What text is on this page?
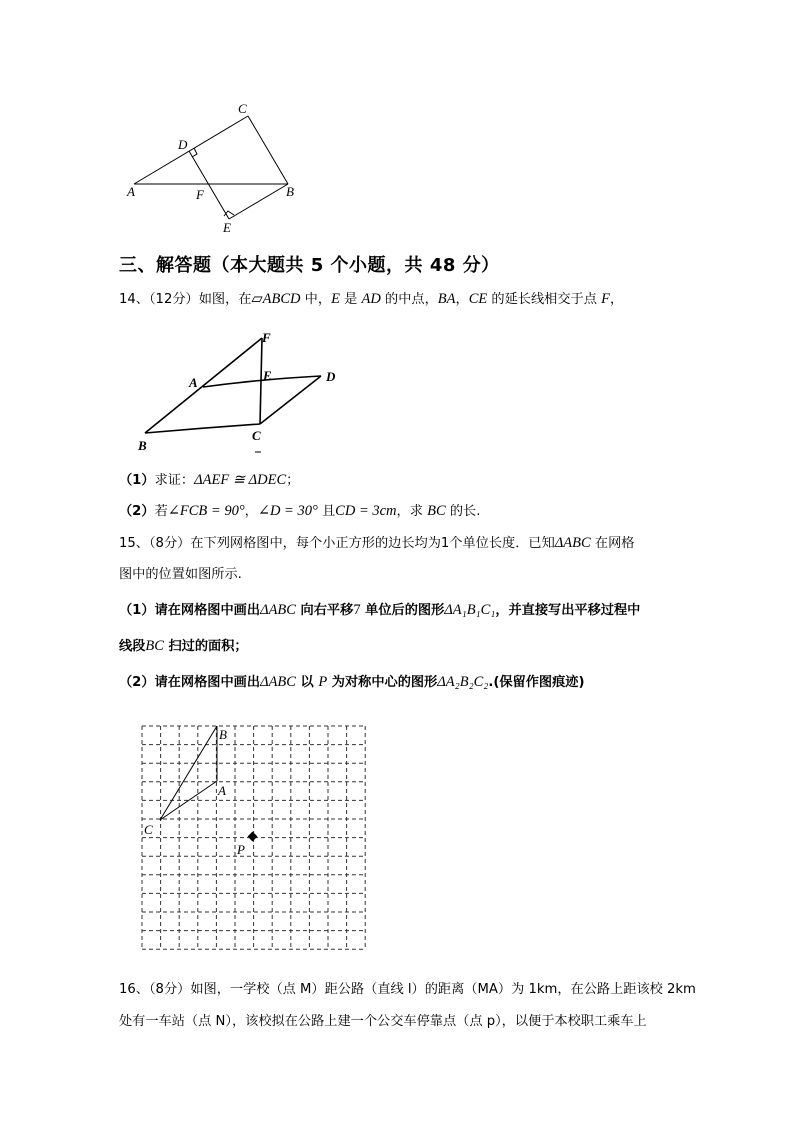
C
D
A	F	B
E
三、解答题（本大题共 5 个小题，共 48 分）
14、（12分）如图，在▱ABCD 中，E 是 AD 的中点，BA，CE 的延长线相交于点 F，
F
A	E	D
B
C
（1）求证：ΔAEF ≅ ΔDEC；
（2）若∠FCB = 90°，∠D = 30° 且CD = 3cm，求 BC 的长.
15、（8分）在下列网格图中，每个小正方形的边长均为1个单位长度．已知ΔABC 在网格
图中的位置如图所示.
（1）请在网格图中画出ΔABC 向右平移7 单位后的图形ΔA₁B₁C₁，并直接写出平移过程中
线段BC 扫过的面积；
（2）请在网格图中画出ΔABC 以 P 为对称中心的图形ΔA₂B₂C₂.(保留作图痕迹)
B
A
C
P
16、（8分）如图，一学校（点 M）距公路（直线 l）的距离（MA）为 1km，在公路上距该校 2km
处有一车站（点 N），该校拟在公路上建一个公交车停靠点（点 p），以便于本校职工乘车上
